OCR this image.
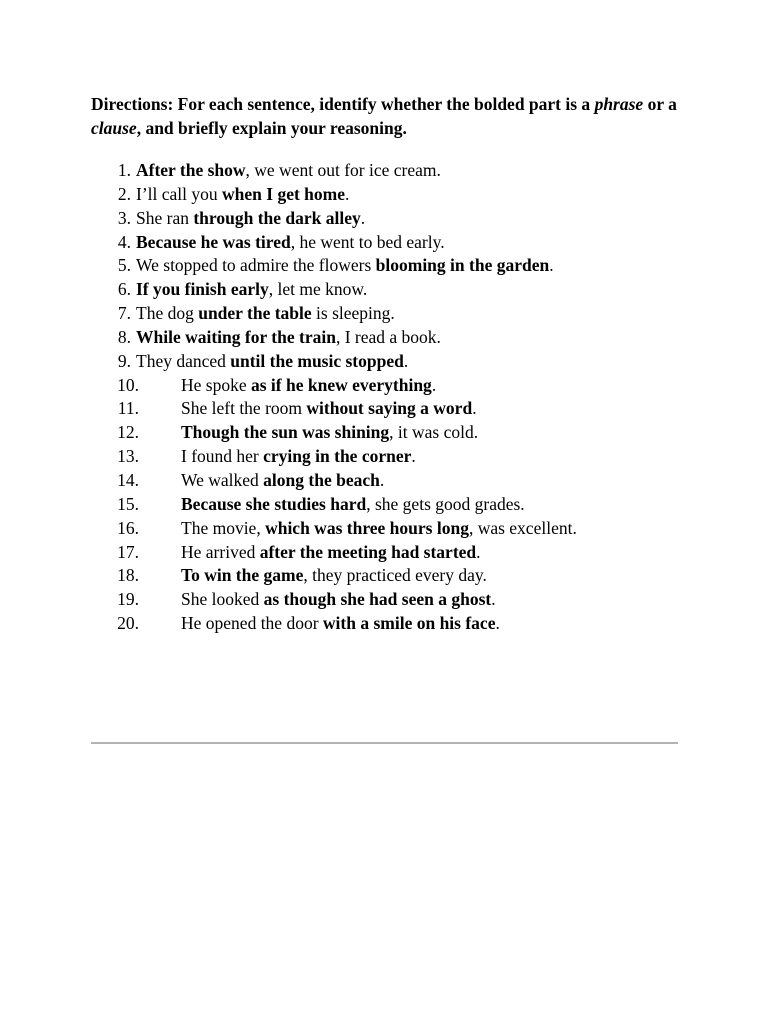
Directions: For each sentence, identify whether the bolded part is a phrase or a clause, and briefly explain your reasoning.

1. After the show, we went out for ice cream.
2. I’ll call you when I get home.
3. She ran through the dark alley.
4. Because he was tired, he went to bed early.
5. We stopped to admire the flowers blooming in the garden.
6. If you finish early, let me know.
7. The dog under the table is sleeping.
8. While waiting for the train, I read a book.
9. They danced until the music stopped.
10. He spoke as if he knew everything.
11. She left the room without saying a word.
12. Though the sun was shining, it was cold.
13. I found her crying in the corner.
14. We walked along the beach.
15. Because she studies hard, she gets good grades.
16. The movie, which was three hours long, was excellent.
17. He arrived after the meeting had started.
18. To win the game, they practiced every day.
19. She looked as though she had seen a ghost.
20. He opened the door with a smile on his face.
